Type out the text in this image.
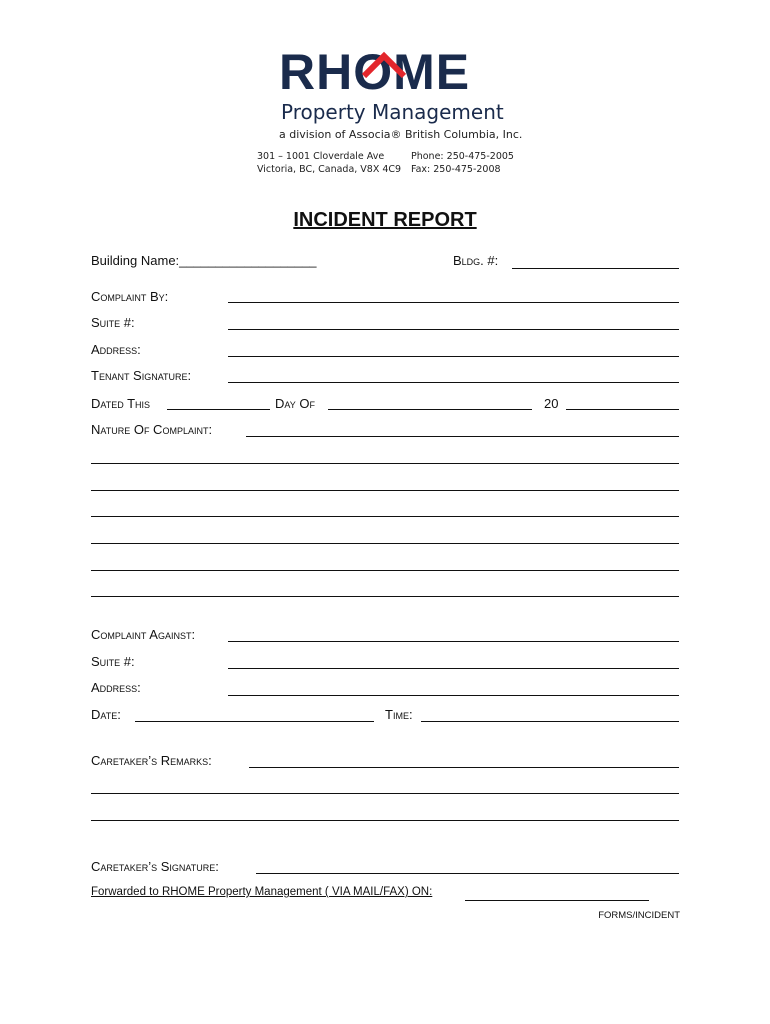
RHOME
Property Management
a division of Associa® British Columbia, Inc.
301 – 1001 Cloverdale Ave
Victoria, BC, Canada, V8X 4C9
Phone: 250-475-2005
Fax: 250-475-2008
INCIDENT REPORT
Building Name:___________________	Bldg. #:
Complaint By:
Suite #:
Address:
Tenant Signature:
Dated This	Day Of	20
Nature Of Complaint:
Complaint Against:
Suite #:
Address:
Date:	Time:
Caretaker’s Remarks:
Caretaker’s Signature:
Forwarded to RHOME Property Management ( VIA MAIL/FAX) ON:
FORMS/INCIDENT
